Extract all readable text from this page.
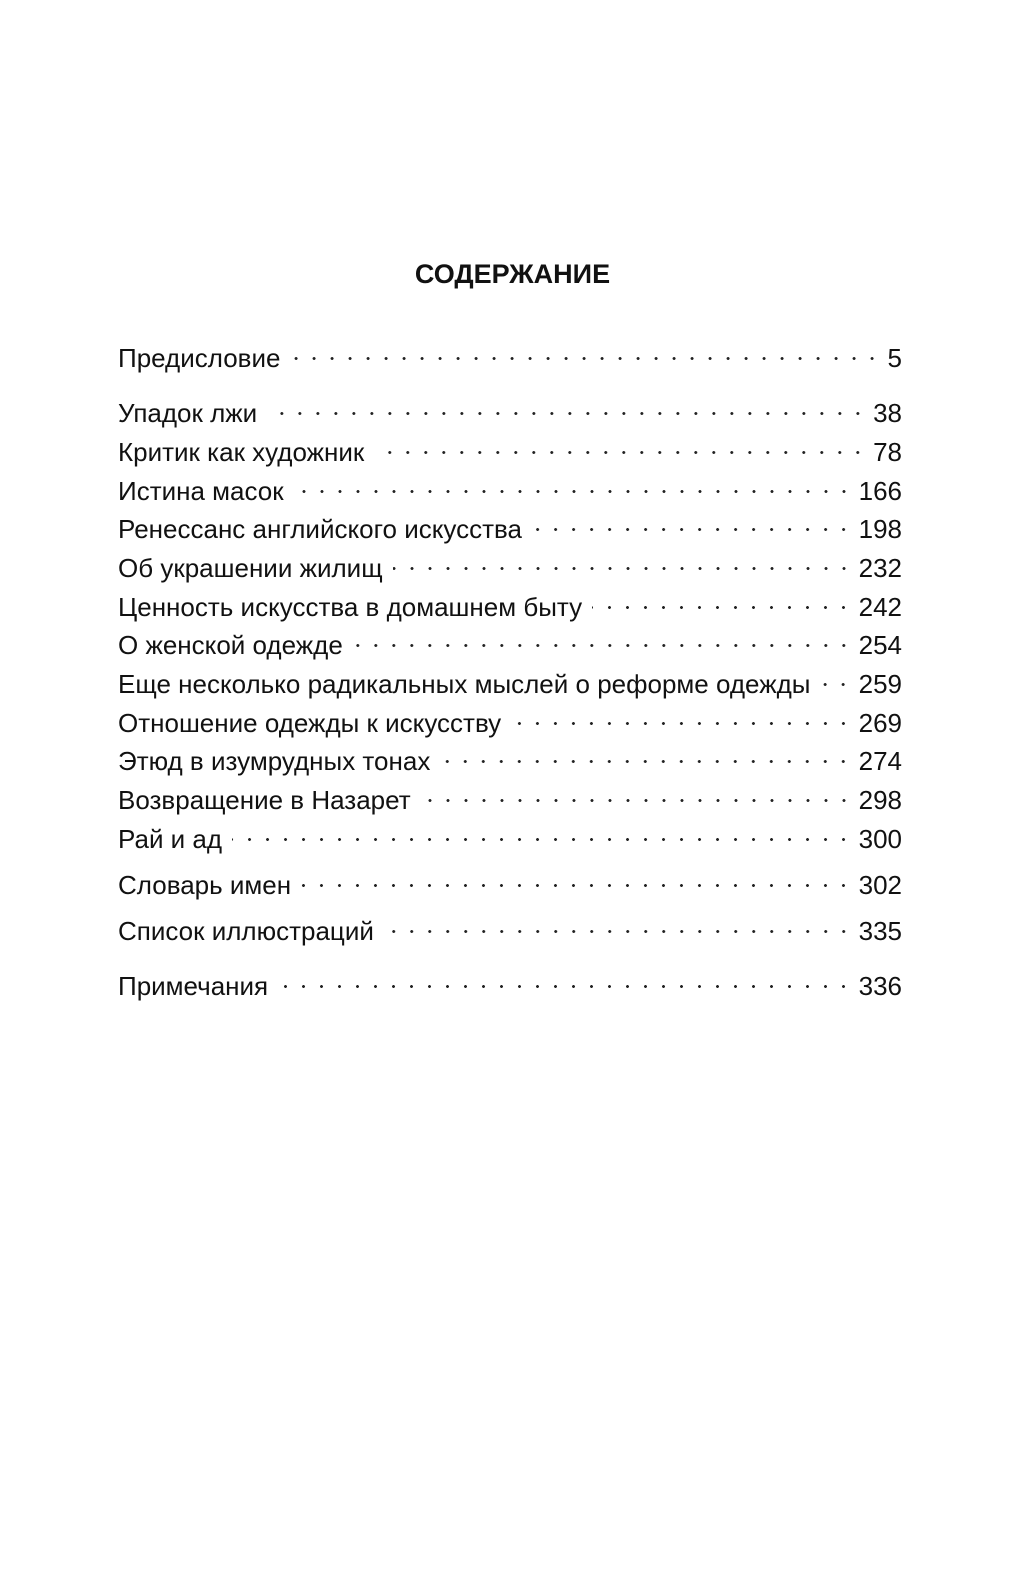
СОДЕРЖАНИЕ
Предисловие	5
Упадок лжи	38
Критик как художник	78
Истина масок	166
Ренессанс английского искусства	198
Об украшении жилищ	232
Ценность искусства в домашнем быту	242
О женской одежде	254
Еще несколько радикальных мыслей о реформе одежды 259
Отношение одежды к искусству	269
Этюд в изумрудных тонах	274
Возвращение в Назарет	298
Рай и ад	300
Словарь имен	302
Список иллюстраций	335
Примечания	336
